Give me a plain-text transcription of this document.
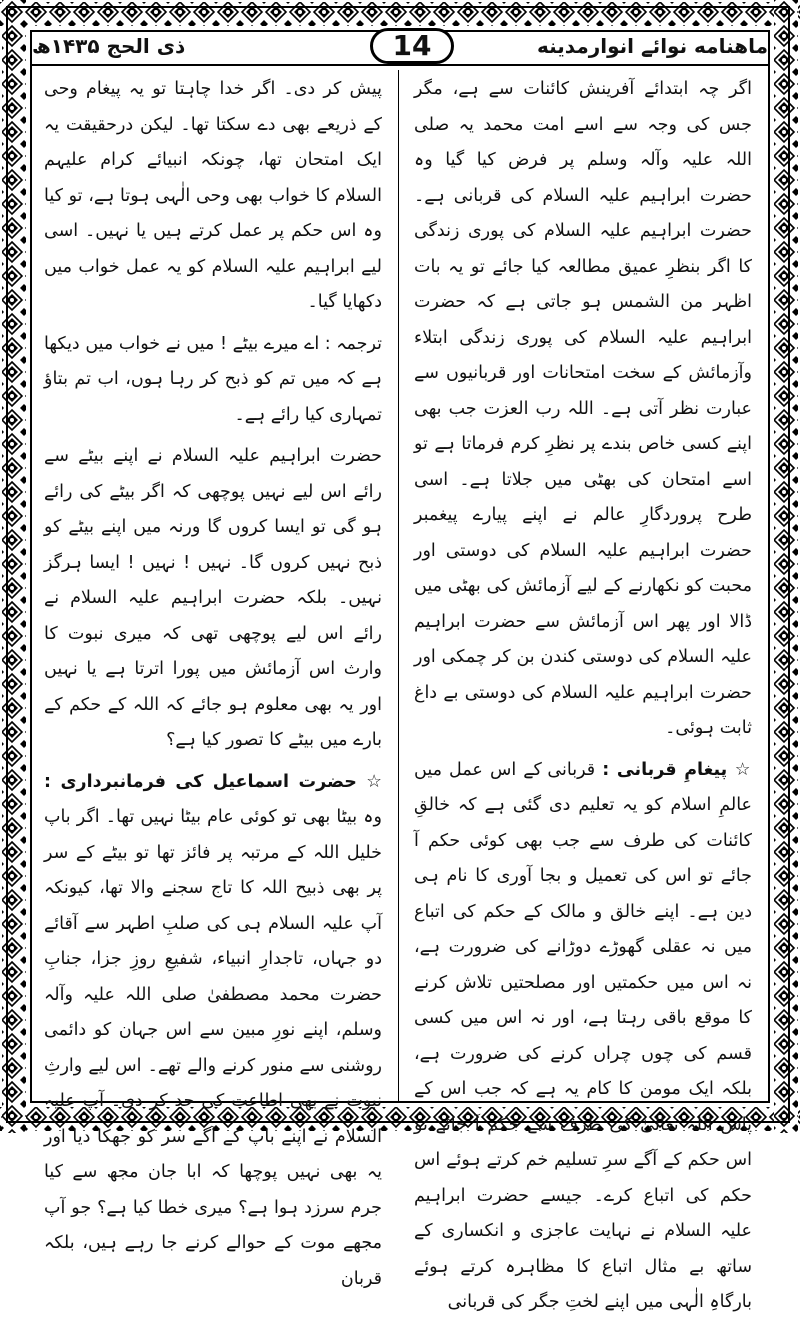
ماهنامه نوائے انوارمدینه
14
ذی الحج ۱۴۳۵ھ

اگر چہ ابتدائے آفرینش کائنات سے ہے، مگر جس کی وجہ سے اسے امت محمد یہ صلی اللہ علیہ وآلہ وسلم پر فرض کیا گیا وہ حضرت ابراہیم علیہ السلام کی قربانی ہے۔ حضرت ابراہیم علیہ السلام کی پوری زندگی کا اگر بنظرِ عمیق مطالعہ کیا جائے تو یہ بات اظہر من الشمس ہو جاتی ہے کہ حضرت ابراہیم علیہ السلام کی پوری زندگی ابتلاء وآزمائش کے سخت امتحانات اور قربانیوں سے عبارت نظر آتی ہے۔ اللہ رب العزت جب بھی اپنے کسی خاص بندے پر نظرِ کرم فرماتا ہے تو اسے امتحان کی بھٹی میں جلاتا ہے۔ اسی طرح پروردگارِ عالم نے اپنے پیارے پیغمبر حضرت ابراہیم علیہ السلام کی دوستی اور محبت کو نکھارنے کے لیے آزمائش کی بھٹی میں ڈالا اور پھر اس آزمائش سے حضرت ابراہیم علیہ السلام کی دوستی کندن بن کر چمکی اور حضرت ابراہیم علیہ السلام کی دوستی بے داغ ثابت ہوئی۔

☆ پیغامِ قربانی : قربانی کے اس عمل میں عالمِ اسلام کو یہ تعلیم دی گئی ہے کہ خالقِ کائنات کی طرف سے جب بھی کوئی حکم آ جائے تو اس کی تعمیل و بجا آوری کا نام ہی دین ہے۔ اپنے خالق و مالک کے حکم کی اتباع میں نہ عقلی گھوڑے دوڑانے کی ضرورت ہے، نہ اس میں حکمتیں اور مصلحتیں تلاش کرنے کا موقع باقی رہتا ہے، اور نہ اس میں کسی قسم کی چوں چراں کرنے کی ضرورت ہے، بلکہ ایک مومن کا کام یہ ہے کہ جب اس کے پاس اللہ تعالیٰ کی طرف سے حکم آ جائے تو اس حکم کے آگے سرِ تسلیم خم کرتے ہوئے اس حکم کی اتباع کرے۔ جیسے حضرت ابراہیم علیہ السلام نے نہایت عاجزی و انکساری کے ساتھ بے مثال اتباع کا مظاہرہ کرتے ہوئے بارگاہِ الٰہی میں اپنے لختِ جگر کی قربانی

پیش کر دی۔ اگر خدا چاہتا تو یہ پیغام وحی کے ذریعے بھی دے سکتا تھا۔ لیکن درحقیقت یہ ایک امتحان تھا، چونکہ انبیائے کرام علیہم السلام کا خواب بھی وحی الٰہی ہوتا ہے، تو کیا وہ اس حکم پر عمل کرتے ہیں یا نہیں۔ اسی لیے ابراہیم علیہ السلام کو یہ عمل خواب میں دکھایا گیا۔

ترجمہ : اے میرے بیٹے ! میں نے خواب میں دیکھا ہے کہ میں تم کو ذبح کر رہا ہوں، اب تم بتاؤ تمہاری کیا رائے ہے۔

حضرت ابراہیم علیہ السلام نے اپنے بیٹے سے رائے اس لیے نہیں پوچھی کہ اگر بیٹے کی رائے ہو گی تو ایسا کروں گا ورنہ میں اپنے بیٹے کو ذبح نہیں کروں گا۔ نہیں ! نہیں ! ایسا ہرگز نہیں۔ بلکہ حضرت ابراہیم علیہ السلام نے رائے اس لیے پوچھی تھی کہ میری نبوت کا وارث اس آزمائش میں پورا اترتا ہے یا نہیں اور یہ بھی معلوم ہو جائے کہ اللہ کے حکم کے بارے میں بیٹے کا تصور کیا ہے؟

☆ حضرت اسماعیل کی فرمانبرداری : وہ بیٹا بھی تو کوئی عام بیٹا نہیں تھا۔ اگر باپ خلیل اللہ کے مرتبہ پر فائز تھا تو بیٹے کے سر پر بھی ذبیح اللہ کا تاج سجنے والا تھا، کیونکہ آپ علیہ السلام ہی کی صلبِ اطہر سے آقائے دو جہاں، تاجدارِ انبیاء، شفیعِ روزِ جزا، جنابِ حضرت محمد مصطفیٰ صلی اللہ علیہ وآلہ وسلم، اپنے نورِ مبین سے اس جہان کو دائمی روشنی سے منور کرنے والے تھے۔ اس لیے وارثِ نبوت نے بھی اطاعت کی حد کر دی۔ آپ علیہ السلام نے اپنے باپ کے آگے سر کو جھکا دیا اور یہ بھی نہیں پوچھا کہ ابا جان مجھ سے کیا جرم سرزد ہوا ہے؟ میری خطا کیا ہے؟ جو آپ مجھے موت کے حوالے کرنے جا رہے ہیں، بلکہ قربان
